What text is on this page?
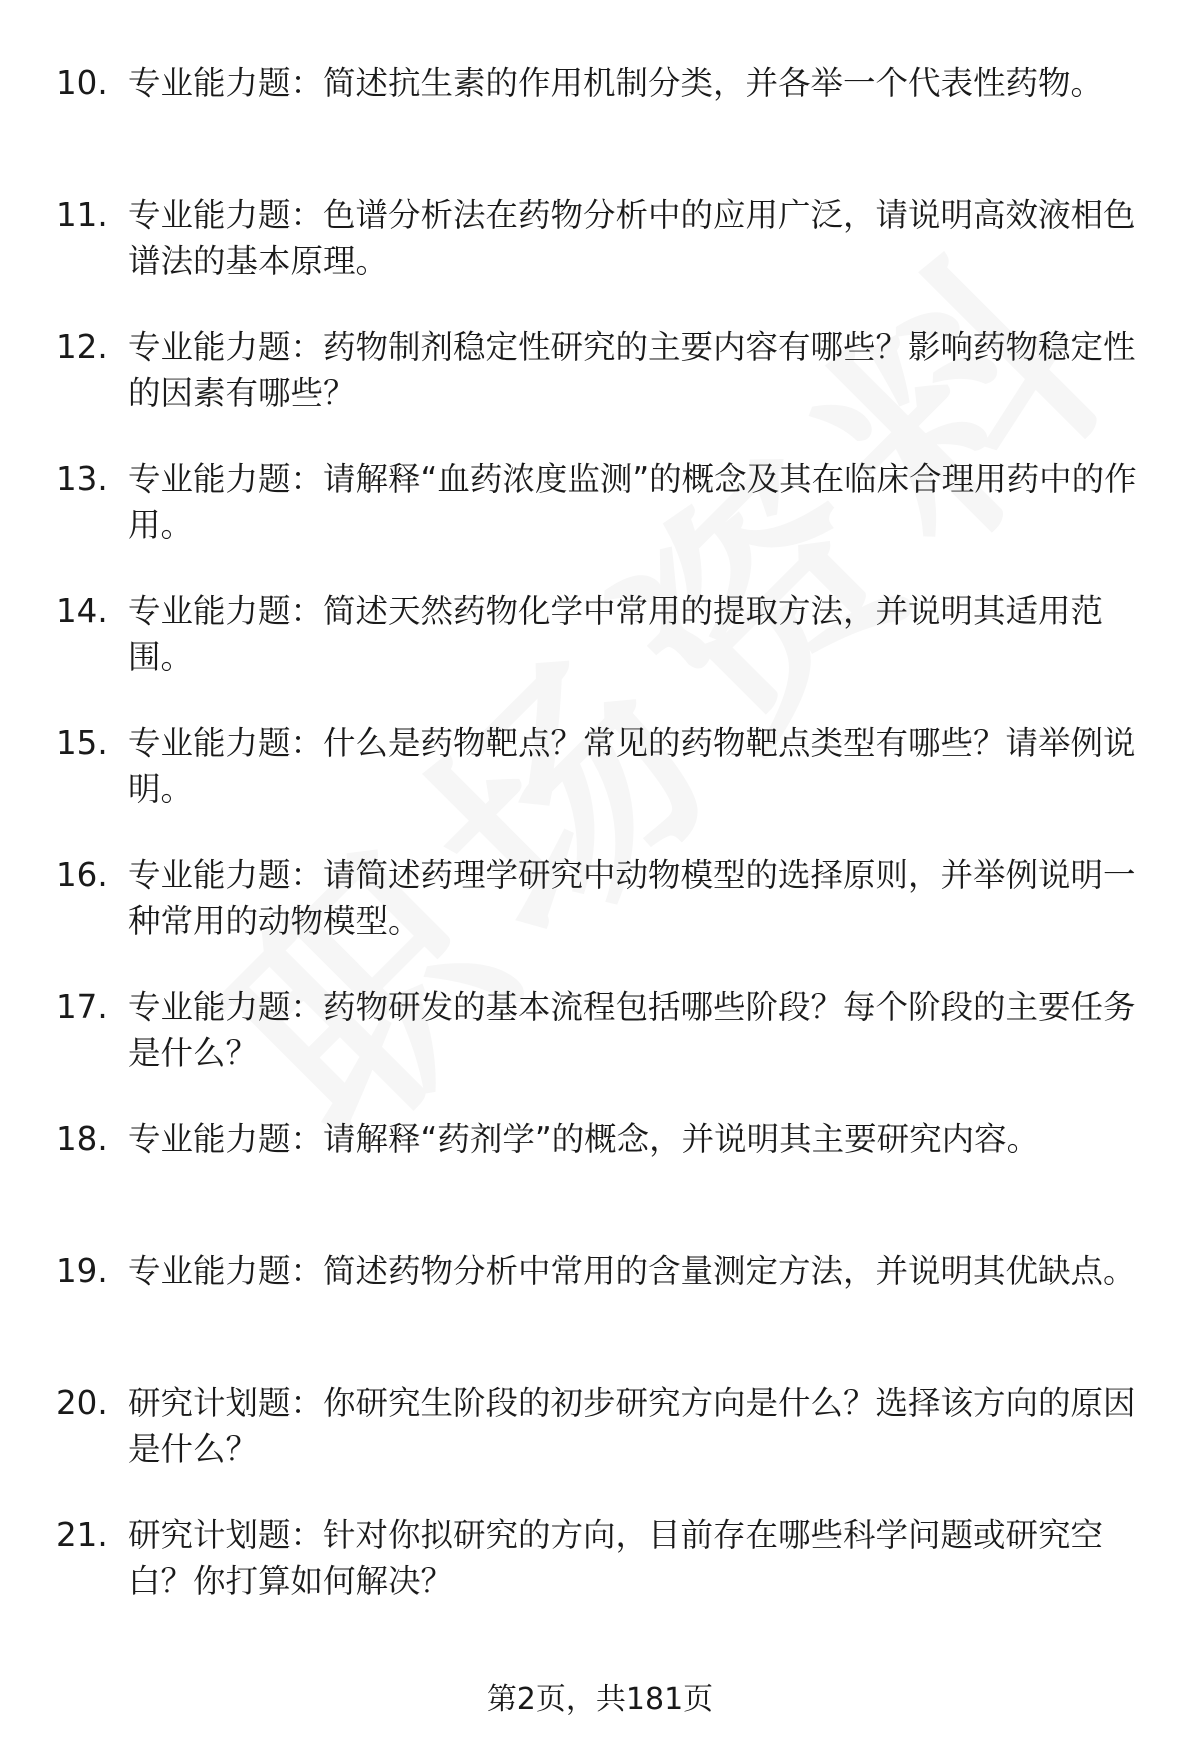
10. 专业能力题：简述抗生素的作用机制分类，并各举一个代表性药物。
11. 专业能力题：色谱分析法在药物分析中的应用广泛，请说明高效液相色谱法的基本原理。
12. 专业能力题：药物制剂稳定性研究的主要内容有哪些？影响药物稳定性的因素有哪些？
13. 专业能力题：请解释“血药浓度监测”的概念及其在临床合理用药中的作用。
14. 专业能力题：简述天然药物化学中常用的提取方法，并说明其适用范围。
15. 专业能力题：什么是药物靶点？常见的药物靶点类型有哪些？请举例说明。
16. 专业能力题：请简述药理学研究中动物模型的选择原则，并举例说明一种常用的动物模型。
17. 专业能力题：药物研发的基本流程包括哪些阶段？每个阶段的主要任务是什么？
18. 专业能力题：请解释“药剂学”的概念，并说明其主要研究内容。
19. 专业能力题：简述药物分析中常用的含量测定方法，并说明其优缺点。
20. 研究计划题：你研究生阶段的初步研究方向是什么？选择该方向的原因是什么？
21. 研究计划题：针对你拟研究的方向，目前存在哪些科学问题或研究空白？你打算如何解决？
第2页，共181页
